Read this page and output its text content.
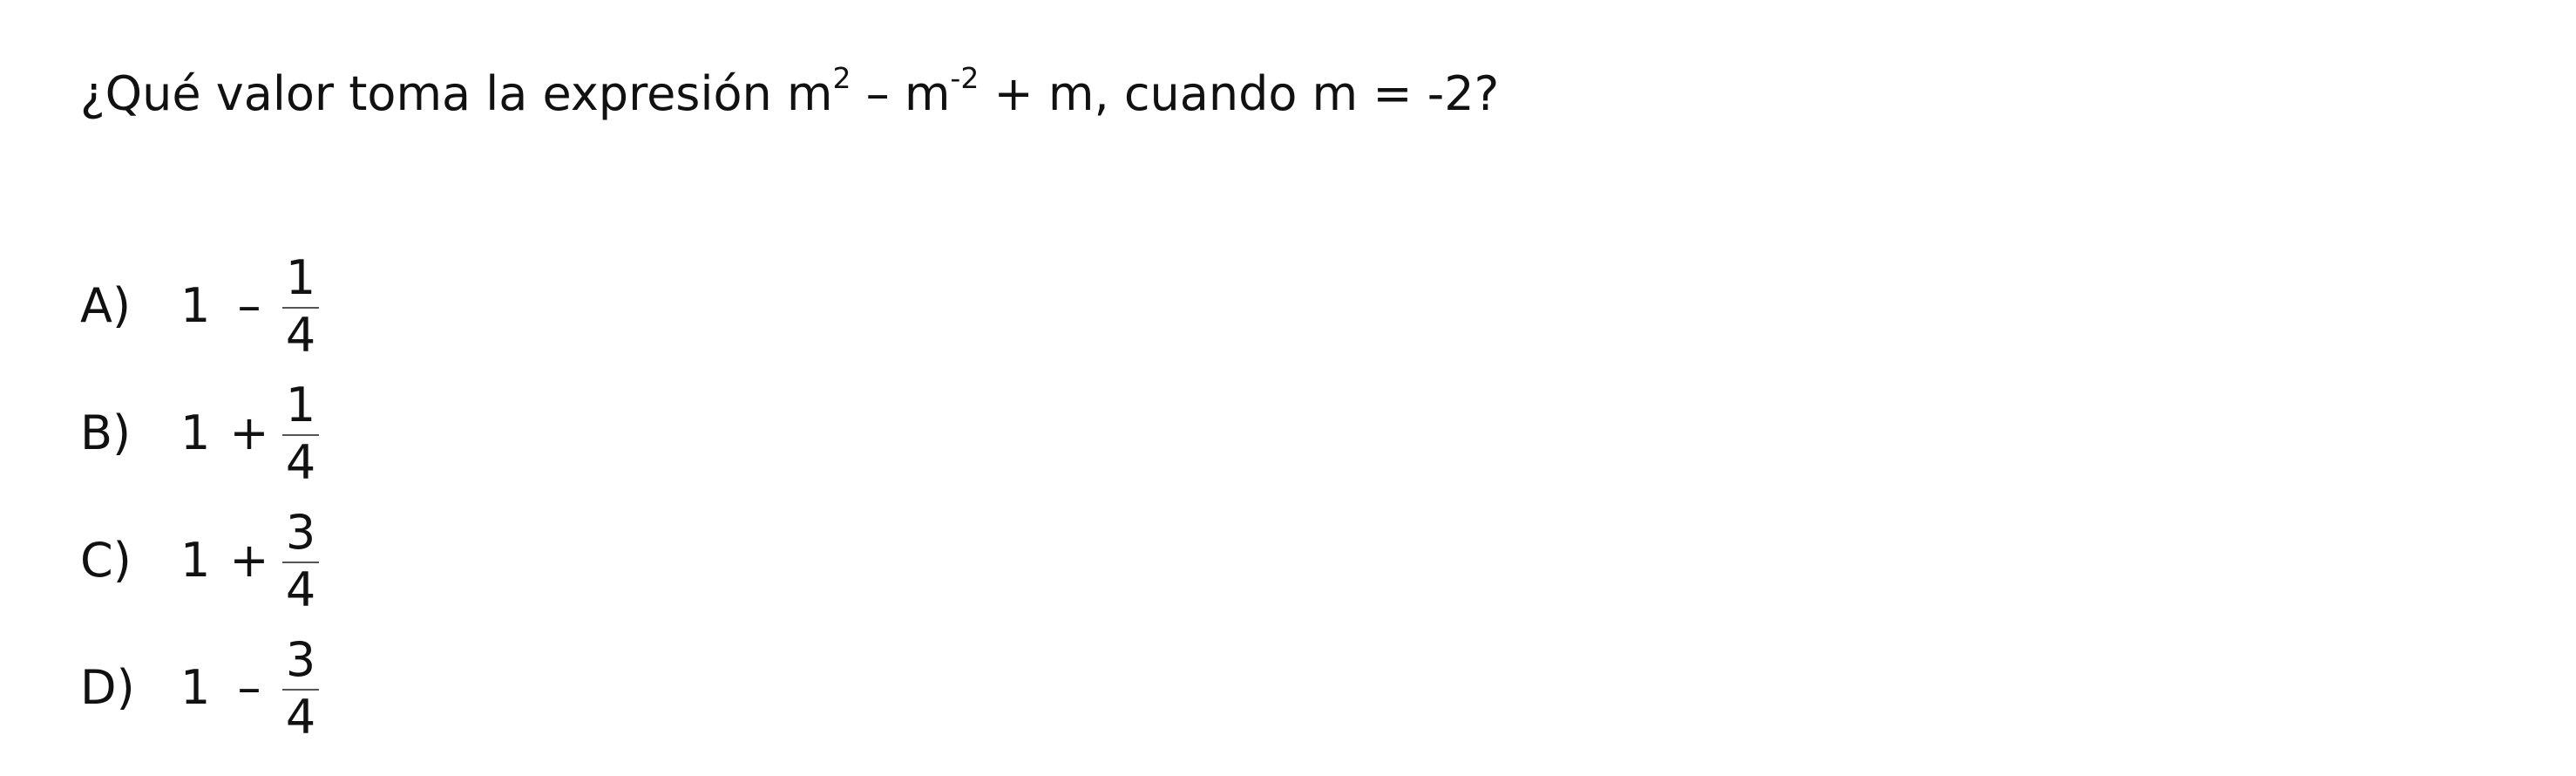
¿Qué valor toma la expresión $m^2 - m^{-2} + m$, cuando m = -2?
A) 1 –
1
4
B) 1 +
1
4
C) 1 +
3
4
D) 1 –
3
4
